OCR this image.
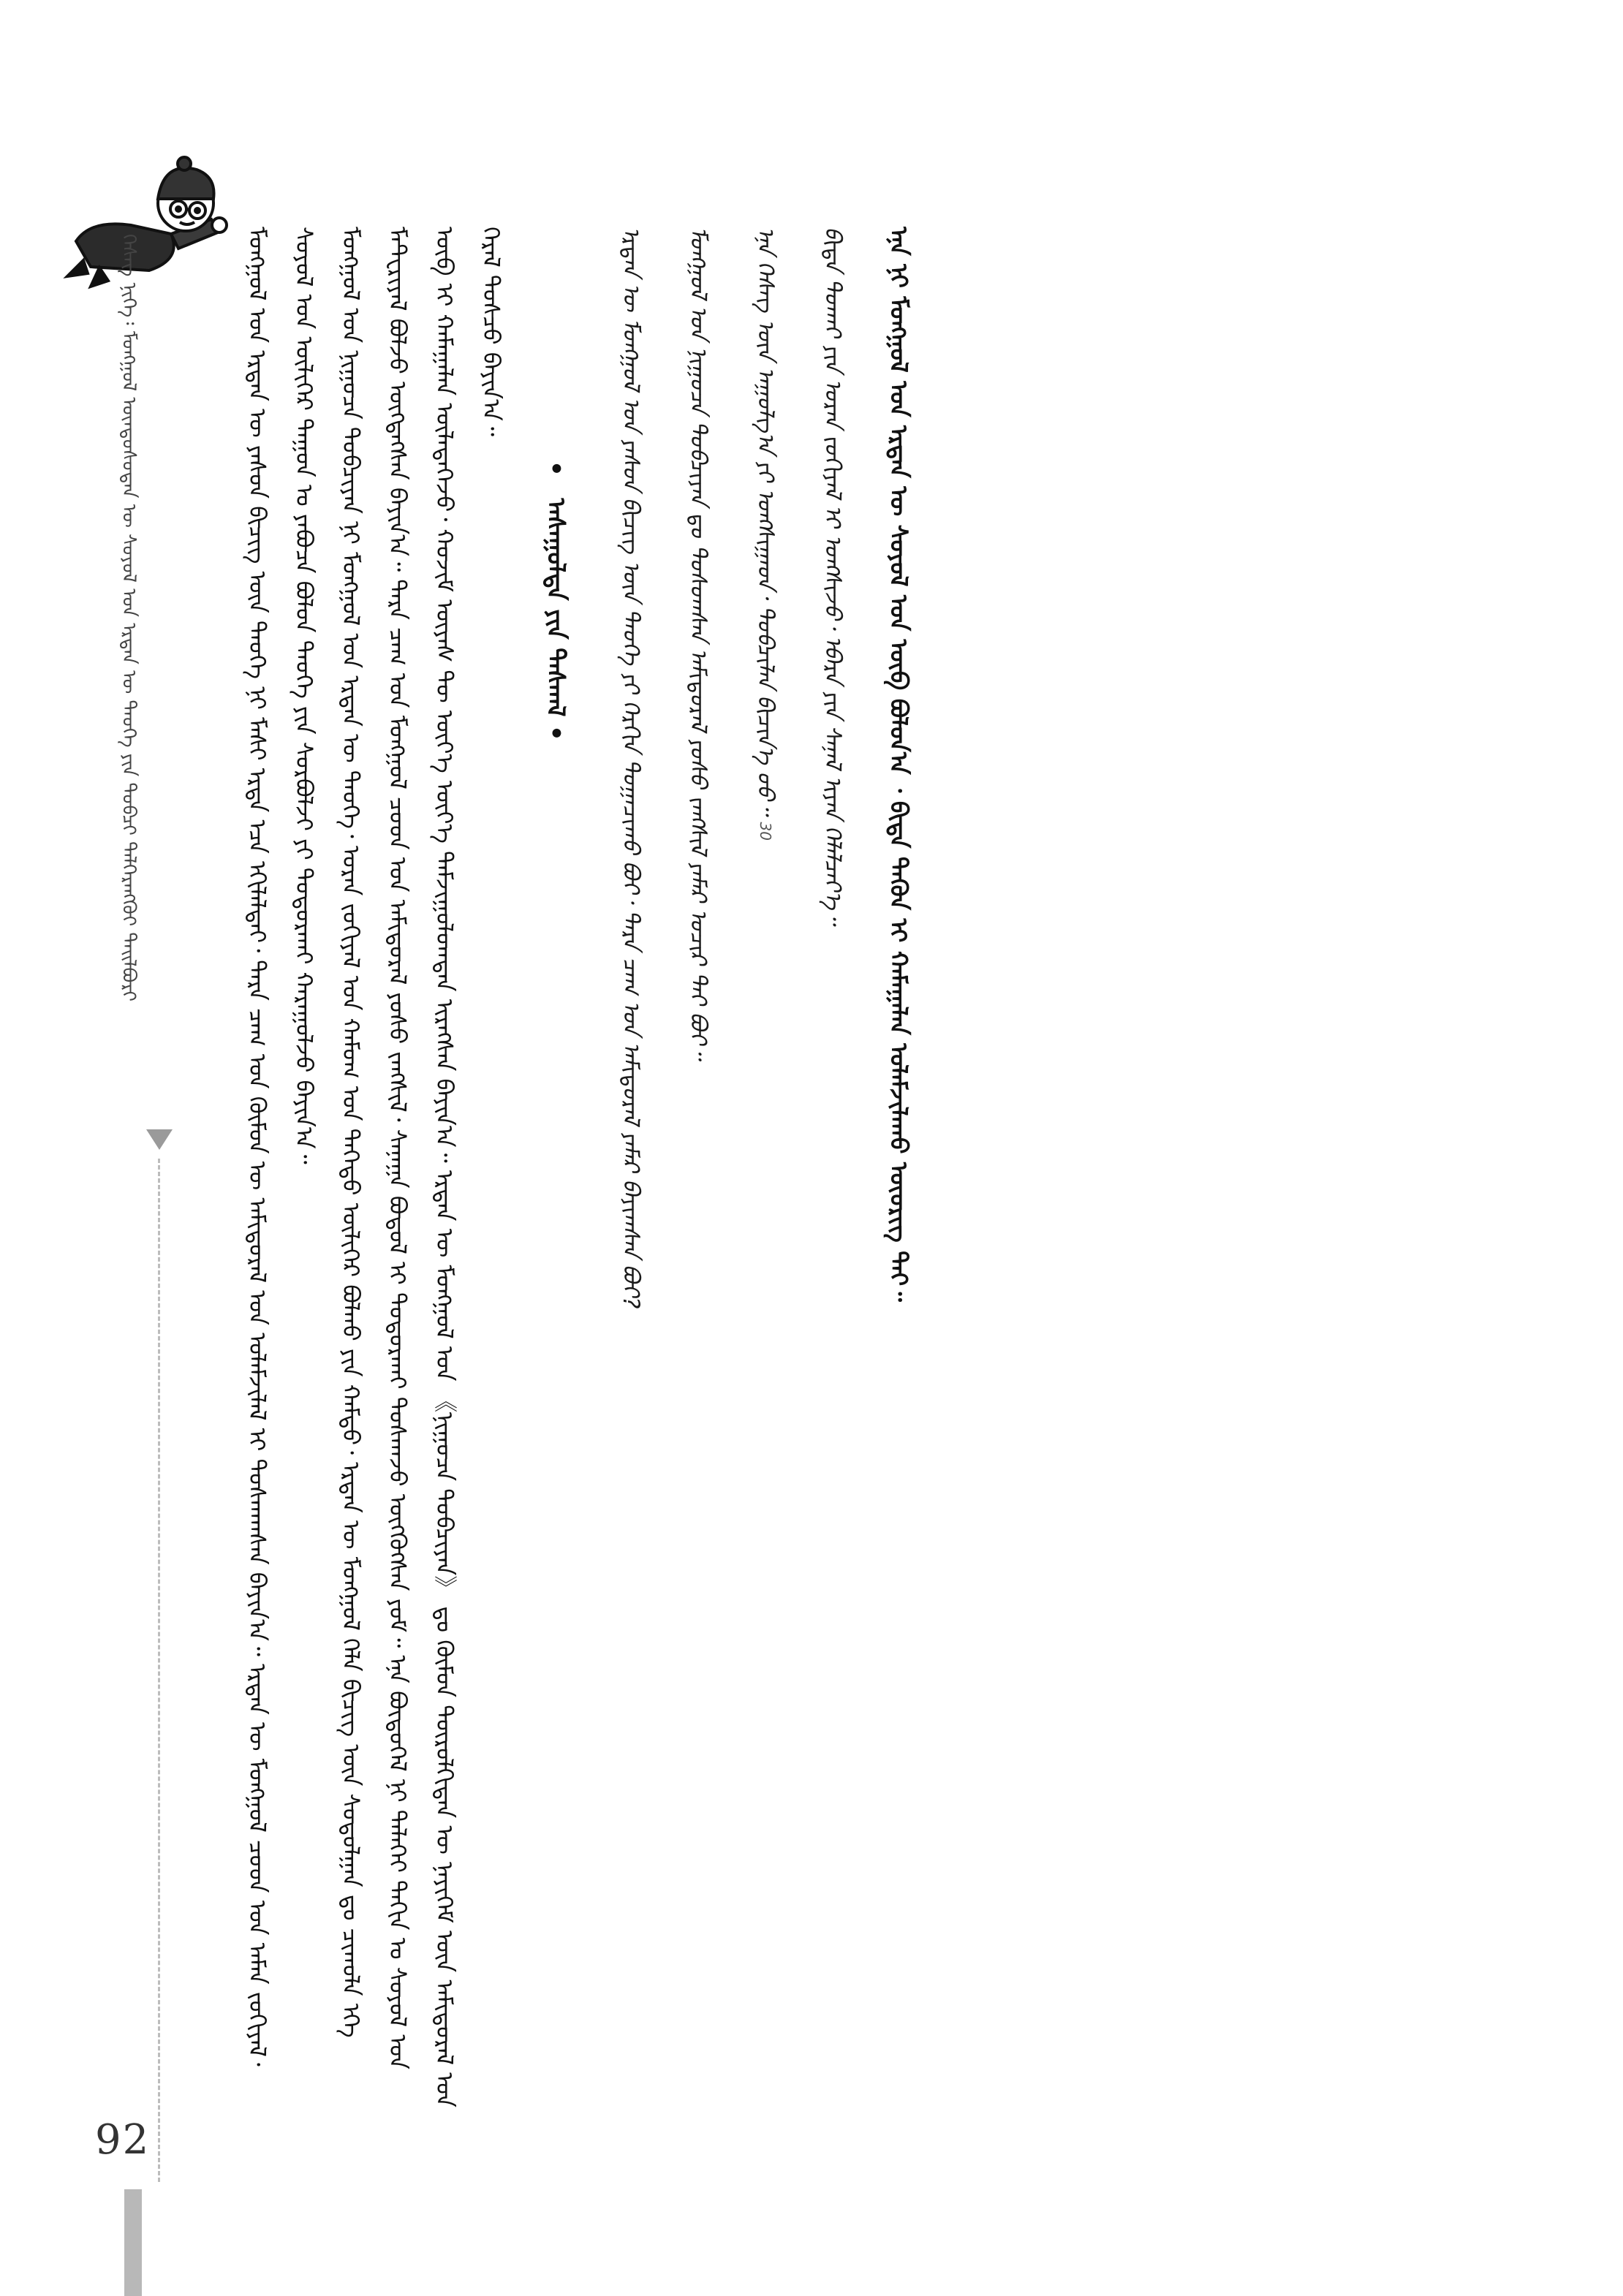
ᠬᠡᠰᠡᠭ ᠨᠢᠭᠡ᠄ ᠮᠣᠩᠭᠣᠯ ᠦᠨᠳᠦᠰᠦᠲᠡᠨ ᠦ ᠰᠣᠶᠣᠯ ᠤᠨ ᠡᠷᠲᠡᠨ ᠦ ᠲᠡᠦᠬᠡ ᠶᠢᠨ ᠲᠣᠪᠴᠢ ᠳᠡᠯᠭᠡᠷᠡᠩᠭᠦᠢ ᠲᠠᠢᠯᠪᠤᠷᠢ	ᠮᠣᠩᠭᠣᠯ ᠤᠨ ᠡᠷᠲᠡᠨ ᠦ ᠶᠠᠰᠤᠨ ᠪᠢᠴᠢᠭ ᠦᠨ ᠲᠡᠦᠬᠡ ᠨᠢ ᠮᠠᠰᠢ ᠡᠷᠲᠡ ᠡᠴᠡ ᠡᠬᠢᠯᠡᠯᠲᠡᠢ᠂ ᠲᠡᠷᠡ ᠴᠠᠭ ᠤᠨ ᠬᠦᠮᠦᠨ ᠦ ᠠᠮᠢᠳᠤᠷᠠᠯ ᠤᠨ ᠤᠯᠠᠮᠵᠢᠯᠠᠯ ᠢ ᠲᠤᠰᠬᠠᠭᠰᠠᠨ ᠪᠠᠶᠢᠨ᠎ᠠ᠃ ᠡᠷᠲᠡᠨ ᠦ ᠮᠣᠩᠭᠣᠯ ᠴᠤᠳ ᠤᠨ ᠠᠮᠠᠨ ᠵᠣᠬᠢᠶᠠᠯ᠂ ᠰᠣᠶᠣᠯ ᠤᠨ ᠦᠯᠢᠭᠡᠷ ᠳᠠᠭᠤᠨ ᠤ ᠶᠠᠪᠤᠴᠠ ᠪᠤᠯᠤᠨ ᠲᠡᠦᠬᠡ ᠶᠢᠨ ᠰᠤᠷᠪᠤᠯᠵᠢ ᠶᠢ ᠲᠣᠳᠣᠷᠬᠠᠶ ᠬᠠᠷᠠᠭᠤᠯᠵᠤ ᠪᠠᠶᠢᠨ᠎ᠠ᠃ ᠮᠣᠩᠭᠣᠯ ᠤᠨ ᠨᠢᠭᠤᠴᠠ ᠲᠣᠪᠴᠢᠶᠠᠨ ᠨᠢ ᠮᠣᠩᠭᠣᠯ ᠤᠨ ᠡᠷᠲᠡᠨ ᠦ ᠲᠡᠦᠬᠡ᠂ ᠤᠷᠠᠨ ᠵᠣᠬᠢᠶᠠᠯ ᠤᠨ ᠬᠠᠮᠤᠭ ᠤᠨ ᠳᠡᠭᠡᠳᠦ ᠦᠯᠢᠭᠡᠷ ᠪᠣᠯᠬᠤ ᠶᠢᠨ ᠬᠠᠮᠲᠤ᠂ ᠡᠷᠲᠡᠨ ᠦ ᠮᠣᠩᠭᠣᠯ ᠬᠡᠯᠡ ᠪᠢᠴᠢᠭ ᠦᠨ ᠰᠤᠳᠤᠯᠭᠠᠨ ᠳᠤ ᠴᠢᠬᠤᠯᠠ ᠡᠬᠡ ᠮᠠᠲ᠋ᠧᠷᠢᠶᠠᠯ ᠪᠣᠯᠵᠤ ᠥᠭᠳᠡᠭᠰᠡᠨ ᠪᠠᠶᠢᠨ᠎ᠠ᠃ ᠲᠡᠷᠡ ᠴᠠᠭ ᠤᠨ ᠮᠣᠩᠭᠣᠯ ᠴᠤᠳ ᠤᠨ ᠠᠮᠢᠳᠤᠷᠠᠯ ᠶᠣᠰᠤ ᠵᠠᠩᠰᠢᠯ᠂ ᠰᠠᠨᠠᠭᠠ ᠪᠣᠳᠤᠯ ᠢ ᠲᠣᠳᠣᠷᠬᠠᠶ ᠲᠤᠰᠬᠠᠵᠤ ᠥᠭᠭᠦᠭᠰᠡᠨ ᠶᠤᠮ᠃ ᠡᠨᠡ ᠪᠦᠲᠦᠭᠡᠯ ᠨᠢ ᠳᠡᠯᠡᠬᠡᠢ ᠳᠠᠬᠢᠨ ᠤ ᠰᠣᠶᠣᠯ ᠤᠨ ᠥᠪ ᠢ ᠬᠠᠮᠠᠭᠠᠯᠠᠨ ᠦᠯᠡᠳᠡᠭᠡᠵᠦ᠂ ᠬᠣᠵᠢᠮ ᠦᠶᠡᠰ ᠲᠦ ᠦᠶ᠎ᠡ ᠦᠶ᠎ᠡ ᠳᠠᠮᠵᠢᠭᠤᠯᠤᠭᠳᠠᠨ ᠢᠷᠡᠭᠰᠡᠨ ᠪᠠᠶᠢᠨ᠎ᠠ᠃ ᠡᠷᠲᠡᠨ ᠦ ᠮᠣᠩᠭᠣᠯ ᠤᠨ 《ᠨᠢᠭᠤᠴᠠ ᠲᠣᠪᠴᠢᠶᠠᠨ》 ᠳᠤ ᠬᠦᠮᠦᠨ ᠲᠥᠷᠥᠯᠬᠢᠲᠡᠨ ᠦ ᠨᠡᠶᠢᠭᠡᠮ ᠦᠨ ᠠᠮᠢᠳᠤᠷᠠᠯ ᠤᠨ ᠭᠡᠷᠡᠯ ᠲᠤᠰᠴᠤ ᠪᠠᠶᠢᠨ᠎ᠠ᠃

• ᠠᠰᠠᠭᠤᠯᠲᠠ ᠶᠢᠨ ᠳᠠᠰᠭᠠᠯ •	ᠡᠷᠲᠡᠨ ᠦ ᠮᠣᠩᠭᠣᠯ ᠤᠨ ᠶᠠᠰᠤᠨ ᠪᠢᠴᠢᠭ ᠦᠨ ᠲᠡᠦᠬᠡ ᠶᠢ ᠬᠡᠷᠬᠢᠨ ᠲᠣᠭᠠᠴᠢᠬᠤ ᠪᠤᠢ᠂ ᠲᠡᠷᠡ ᠴᠠᠭ ᠤᠨ ᠠᠮᠢᠳᠤᠷᠠᠯ ᠶᠠᠮᠠᠷ ᠪᠠᠶᠢᠭᠰᠠᠨ ᠪᠣᠢ?	ᠮᠣᠩᠭᠣᠯ ᠤᠨ ᠨᠢᠭᠤᠴᠠ ᠲᠣᠪᠴᠢᠶᠠᠨ ᠳᠤ ᠲᠤᠰᠤᠭᠰᠠᠨ ᠠᠮᠢᠳᠤᠷᠠᠯ ᠶᠣᠰᠤ ᠵᠠᠩᠰᠢᠯ ᠶᠠᠮᠠᠷ ᠤᠴᠢᠷ ᠲᠠᠢ ᠪᠣᠢ᠃	ᠡᠨᠡ ᠬᠡᠰᠡᠭ ᠦᠨ ᠠᠭᠤᠯᠭ᠎ᠠ ᠶᠢ ᠤᠩᠰᠢᠭᠠᠳ᠂ ᠲᠣᠪᠴᠢᠯᠠᠨ ᠪᠢᠴᠢᠨ᠎ᠡ ᠦᠦ᠃ 30	ᠪᠢᠳᠡ ᠲᠤᠬᠠᠢ ᠶᠢᠨ ᠤᠷᠠᠨ ᠵᠣᠬᠢᠶᠠᠯ ᠢ ᠤᠩᠰᠢᠵᠤ᠂ ᠡᠪᠡᠷᠡ ᠶᠢᠨ ᠰᠠᠨᠠᠯ ᠢᠶᠠᠨ ᠬᠡᠯᠡᠯᠴᠡᠶ᠎ᠡ᠃	ᠡᠨᠡ ᠨᠢ ᠮᠣᠩᠭᠣᠯ ᠤᠨ ᠡᠷᠲᠡᠨ ᠦ ᠰᠣᠶᠣᠯ ᠤᠨ ᠥᠪ ᠪᠣᠯᠤᠨ᠎ᠠ ᠂ ᠪᠢᠳᠡ ᠲᠡᠭᠦᠨ ᠢ ᠬᠠᠮᠠᠭᠠᠯᠠᠨ ᠤᠯᠠᠮᠵᠢᠯᠠᠬᠤ ᠦᠦᠷᠢᠭ ᠲᠡᠢ᠃

92
